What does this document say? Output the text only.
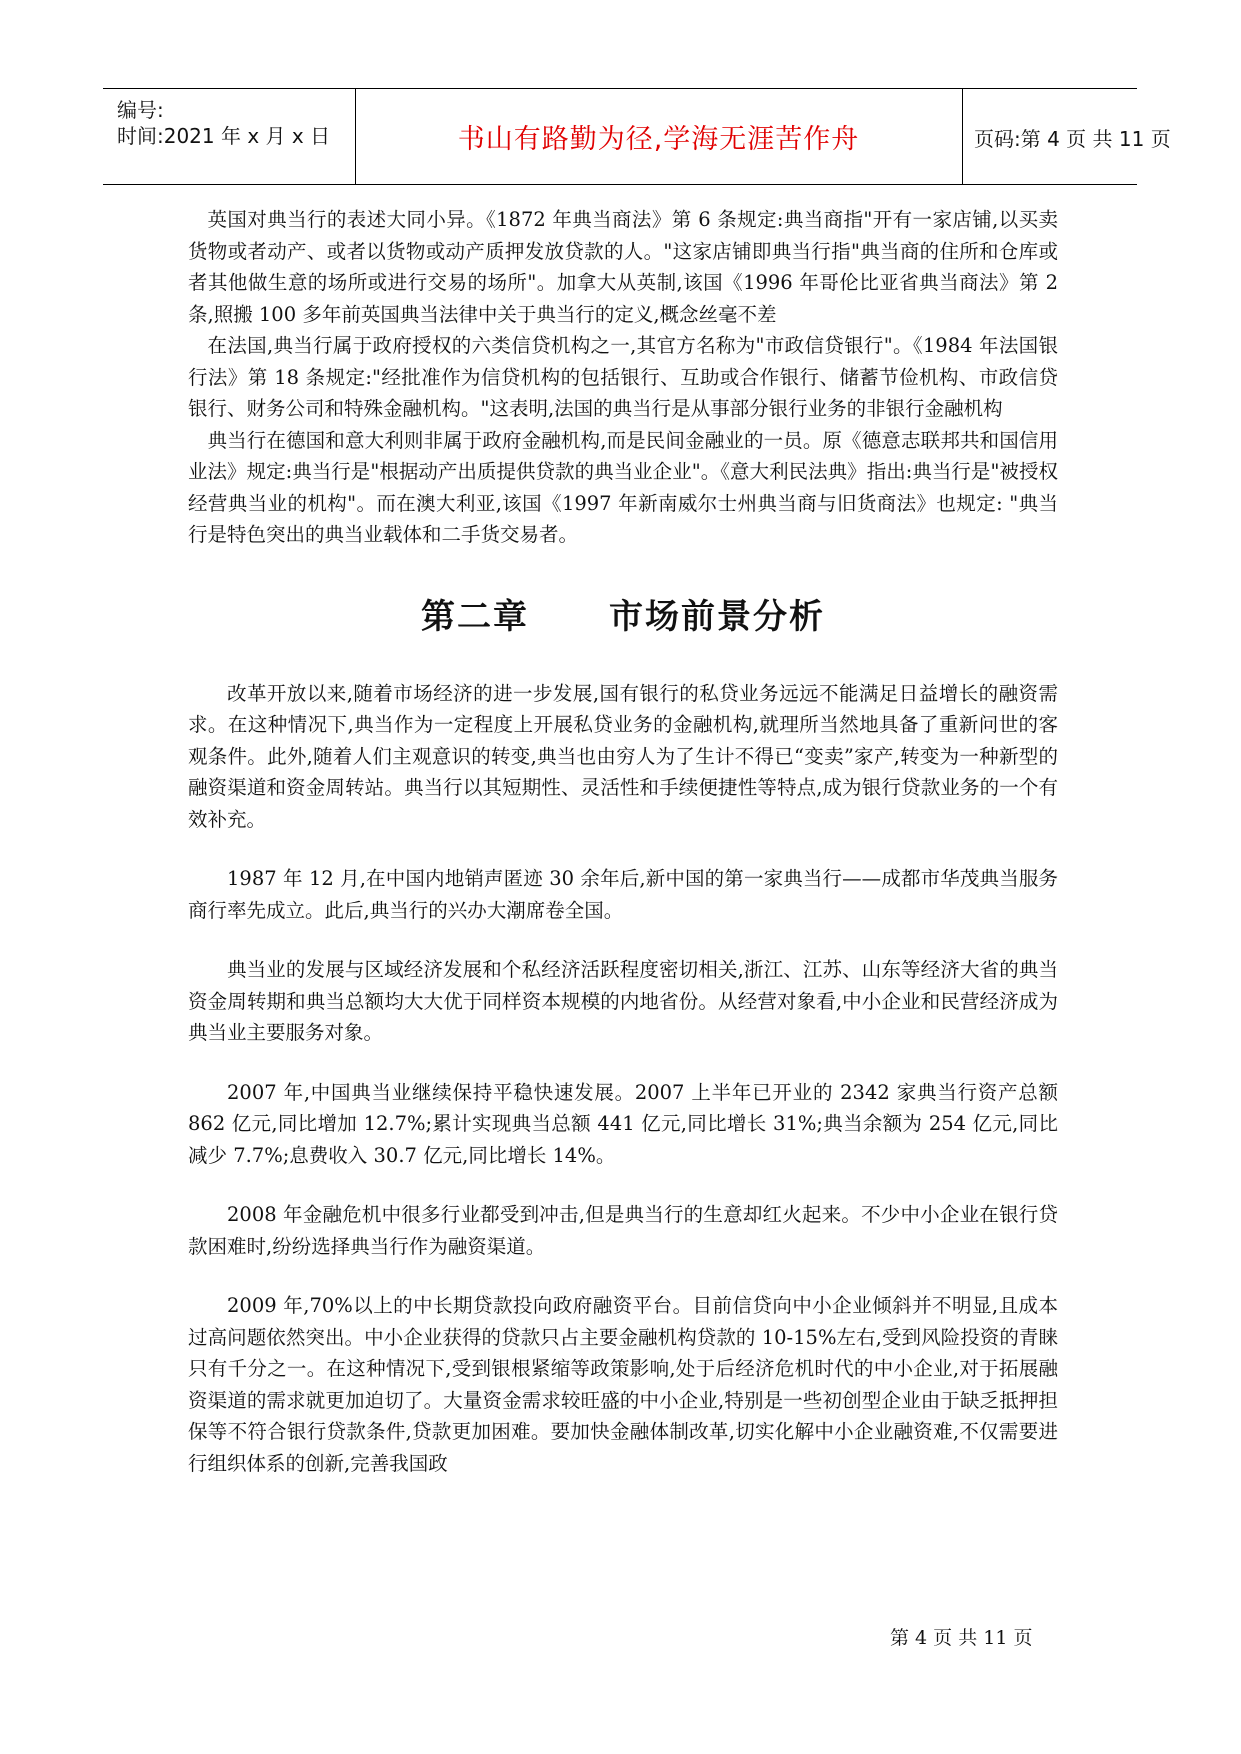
编号:
时间:2021 年 x 月 x 日	书山有路勤为径,学海无涯苦作舟	页码:第 4 页 共 11 页

英国对典当行的表述大同小异。《1872 年典当商法》第 6 条规定:典当商指"开有一家店铺,以买卖货物或者动产、或者以货物或动产质押发放贷款的人。"这家店铺即典当行指"典当商的住所和仓库或者其他做生意的场所或进行交易的场所"。加拿大从英制,该国《1996 年哥伦比亚省典当商法》第 2 条,照搬 100 多年前英国典当法律中关于典当行的定义,概念丝毫不差

在法国,典当行属于政府授权的六类信贷机构之一,其官方名称为"市政信贷银行"。《1984 年法国银行法》第 18 条规定:"经批准作为信贷机构的包括银行、互助或合作银行、储蓄节俭机构、市政信贷银行、财务公司和特殊金融机构。"这表明,法国的典当行是从事部分银行业务的非银行金融机构

典当行在德国和意大利则非属于政府金融机构,而是民间金融业的一员。原《德意志联邦共和国信用业法》规定:典当行是"根据动产出质提供贷款的典当业企业"。《意大利民法典》指出:典当行是"被授权经营典当业的机构"。而在澳大利亚,该国《1997 年新南威尔士州典当商与旧货商法》也规定: "典当行是特色突出的典当业载体和二手货交易者。

第二章 市场前景分析

改革开放以来,随着市场经济的进一步发展,国有银行的私贷业务远远不能满足日益增长的融资需求。在这种情况下,典当作为一定程度上开展私贷业务的金融机构,就理所当然地具备了重新问世的客观条件。此外,随着人们主观意识的转变,典当也由穷人为了生计不得已“变卖”家产,转变为一种新型的融资渠道和资金周转站。典当行以其短期性、灵活性和手续便捷性等特点,成为银行贷款业务的一个有效补充。

1987 年 12 月,在中国内地销声匿迹 30 余年后,新中国的第一家典当行——成都市华茂典当服务商行率先成立。此后,典当行的兴办大潮席卷全国。

典当业的发展与区域经济发展和个私经济活跃程度密切相关,浙江、江苏、山东等经济大省的典当资金周转期和典当总额均大大优于同样资本规模的内地省份。从经营对象看,中小企业和民营经济成为典当业主要服务对象。

2007 年,中国典当业继续保持平稳快速发展。2007 上半年已开业的 2342 家典当行资产总额 862 亿元,同比增加 12.7%;累计实现典当总额 441 亿元,同比增长 31%;典当余额为 254 亿元,同比减少 7.7%;息费收入 30.7 亿元,同比增长 14%。

2008 年金融危机中很多行业都受到冲击,但是典当行的生意却红火起来。不少中小企业在银行贷款困难时,纷纷选择典当行作为融资渠道。

2009 年,70%以上的中长期贷款投向政府融资平台。目前信贷向中小企业倾斜并不明显,且成本过高问题依然突出。中小企业获得的贷款只占主要金融机构贷款的 10-15%左右,受到风险投资的青睐只有千分之一。在这种情况下,受到银根紧缩等政策影响,处于后经济危机时代的中小企业,对于拓展融资渠道的需求就更加迫切了。大量资金需求较旺盛的中小企业,特别是一些初创型企业由于缺乏抵押担保等不符合银行贷款条件,贷款更加困难。要加快金融体制改革,切实化解中小企业融资难,不仅需要进行组织体系的创新,完善我国政

第 4 页 共 11 页
